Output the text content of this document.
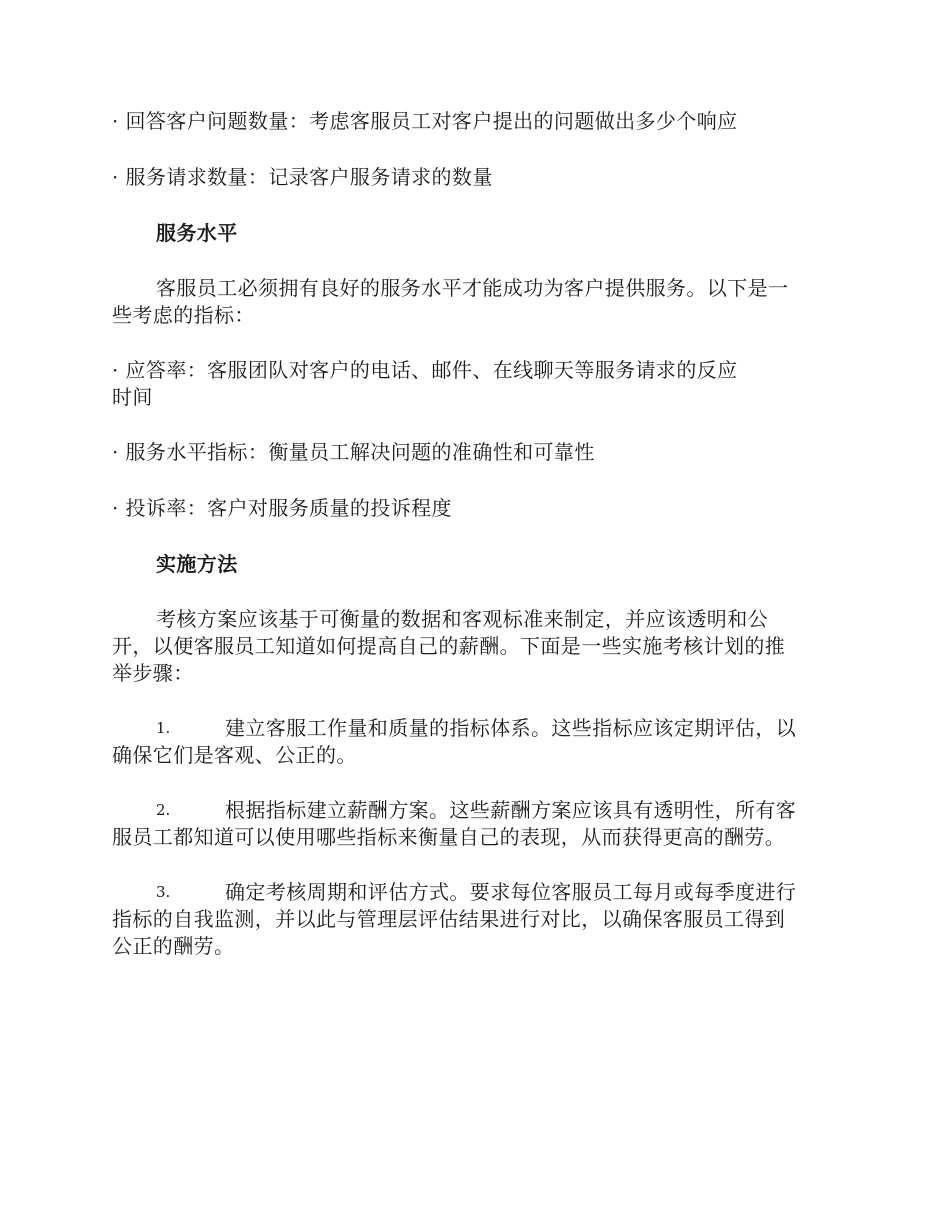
· 回答客户问题数量：考虑客服员工对客户提出的问题做出多少个响应
· 服务请求数量：记录客户服务请求的数量
服务水平
客服员工必须拥有良好的服务水平才能成功为客户提供服务。以下是一
些考虑的指标：
· 应答率：客服团队对客户的电话、邮件、在线聊天等服务请求的反应
时间
· 服务水平指标：衡量员工解决问题的准确性和可靠性
· 投诉率：客户对服务质量的投诉程度
实施方法
考核方案应该基于可衡量的数据和客观标准来制定，并应该透明和公
开，以便客服员工知道如何提高自己的薪酬。下面是一些实施考核计划的推
举步骤：
1.	建立客服工作量和质量的指标体系。这些指标应该定期评估，以
确保它们是客观、公正的。
2.	根据指标建立薪酬方案。这些薪酬方案应该具有透明性，所有客
服员工都知道可以使用哪些指标来衡量自己的表现，从而获得更高的酬劳。
3.	确定考核周期和评估方式。要求每位客服员工每月或每季度进行
指标的自我监测，并以此与管理层评估结果进行对比，以确保客服员工得到
公正的酬劳。
